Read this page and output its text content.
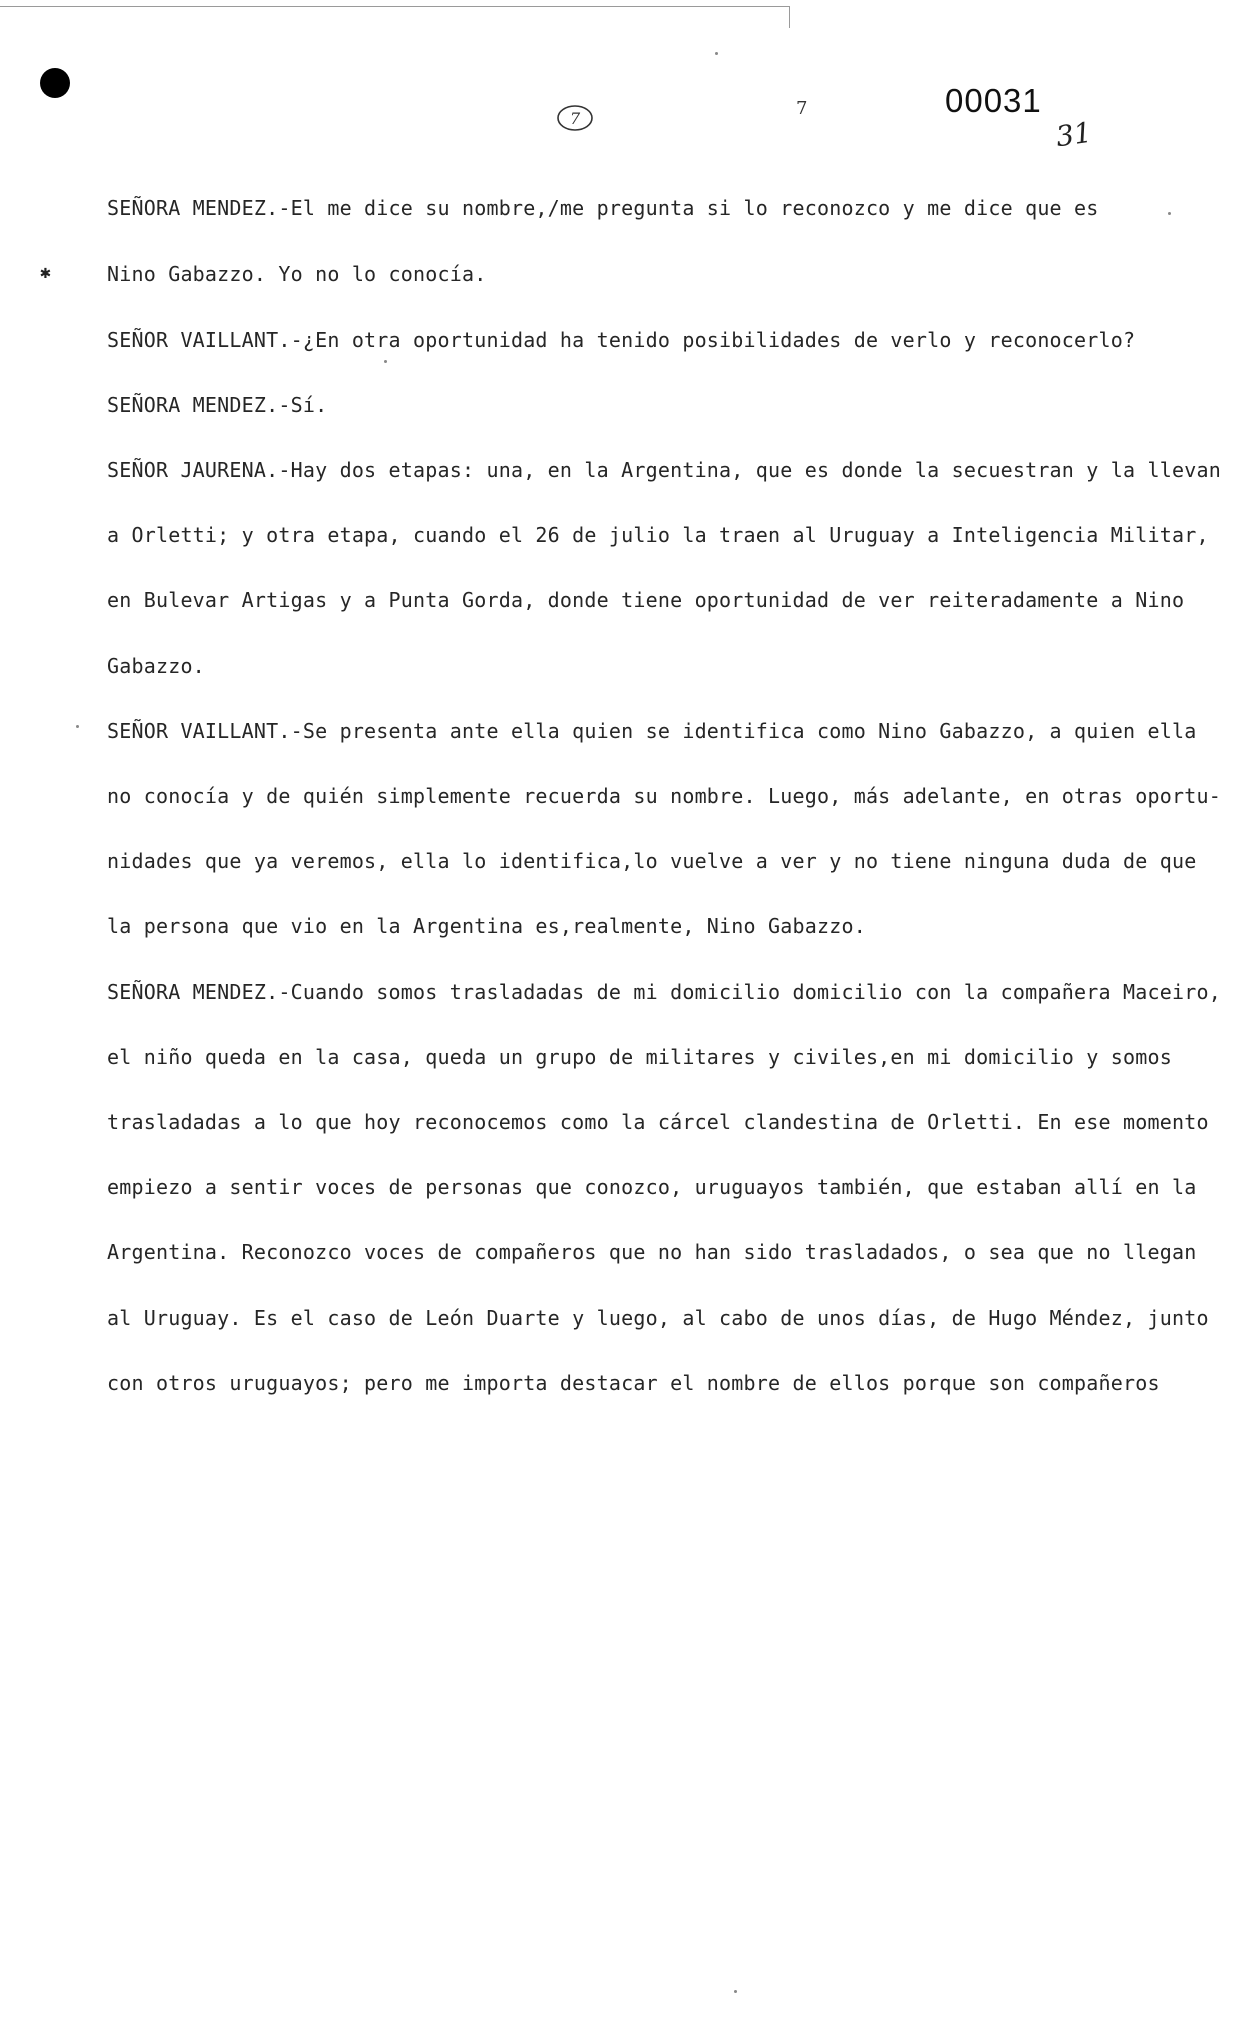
7	7	00031
31
✱
SEÑORA MENDEZ.-El me dice su nombre,/me pregunta si lo reconozco y me dice que es
Nino Gabazzo. Yo no lo conocía.
SEÑOR VAILLANT.-¿En otra oportunidad ha tenido posibilidades de verlo y reconocerlo?
SEÑORA MENDEZ.-Sí.
SEÑOR JAURENA.-Hay dos etapas: una, en la Argentina, que es donde la secuestran y la llevan
a Orletti; y otra etapa, cuando el 26 de julio la traen al Uruguay a Inteligencia Militar,
en Bulevar Artigas y a Punta Gorda, donde tiene oportunidad de ver reiteradamente a Nino
Gabazzo.
SEÑOR VAILLANT.-Se presenta ante ella quien se identifica como Nino Gabazzo, a quien ella
no conocía y de quién simplemente recuerda su nombre. Luego, más adelante, en otras oportu-
nidades que ya veremos, ella lo identifica,lo vuelve a ver y no tiene ninguna duda de que
la persona que vio en la Argentina es,realmente, Nino Gabazzo.
SEÑORA MENDEZ.-Cuando somos trasladadas de mi domicilio domicilio con la compañera Maceiro,
el niño queda en la casa, queda un grupo de militares y civiles,en mi domicilio y somos
trasladadas a lo que hoy reconocemos como la cárcel clandestina de Orletti. En ese momento
empiezo a sentir voces de personas que conozco, uruguayos también, que estaban allí en la
Argentina. Reconozco voces de compañeros que no han sido trasladados, o sea que no llegan
al Uruguay. Es el caso de León Duarte y luego, al cabo de unos días, de Hugo Méndez, junto
con otros uruguayos; pero me importa destacar el nombre de ellos porque son compañeros
